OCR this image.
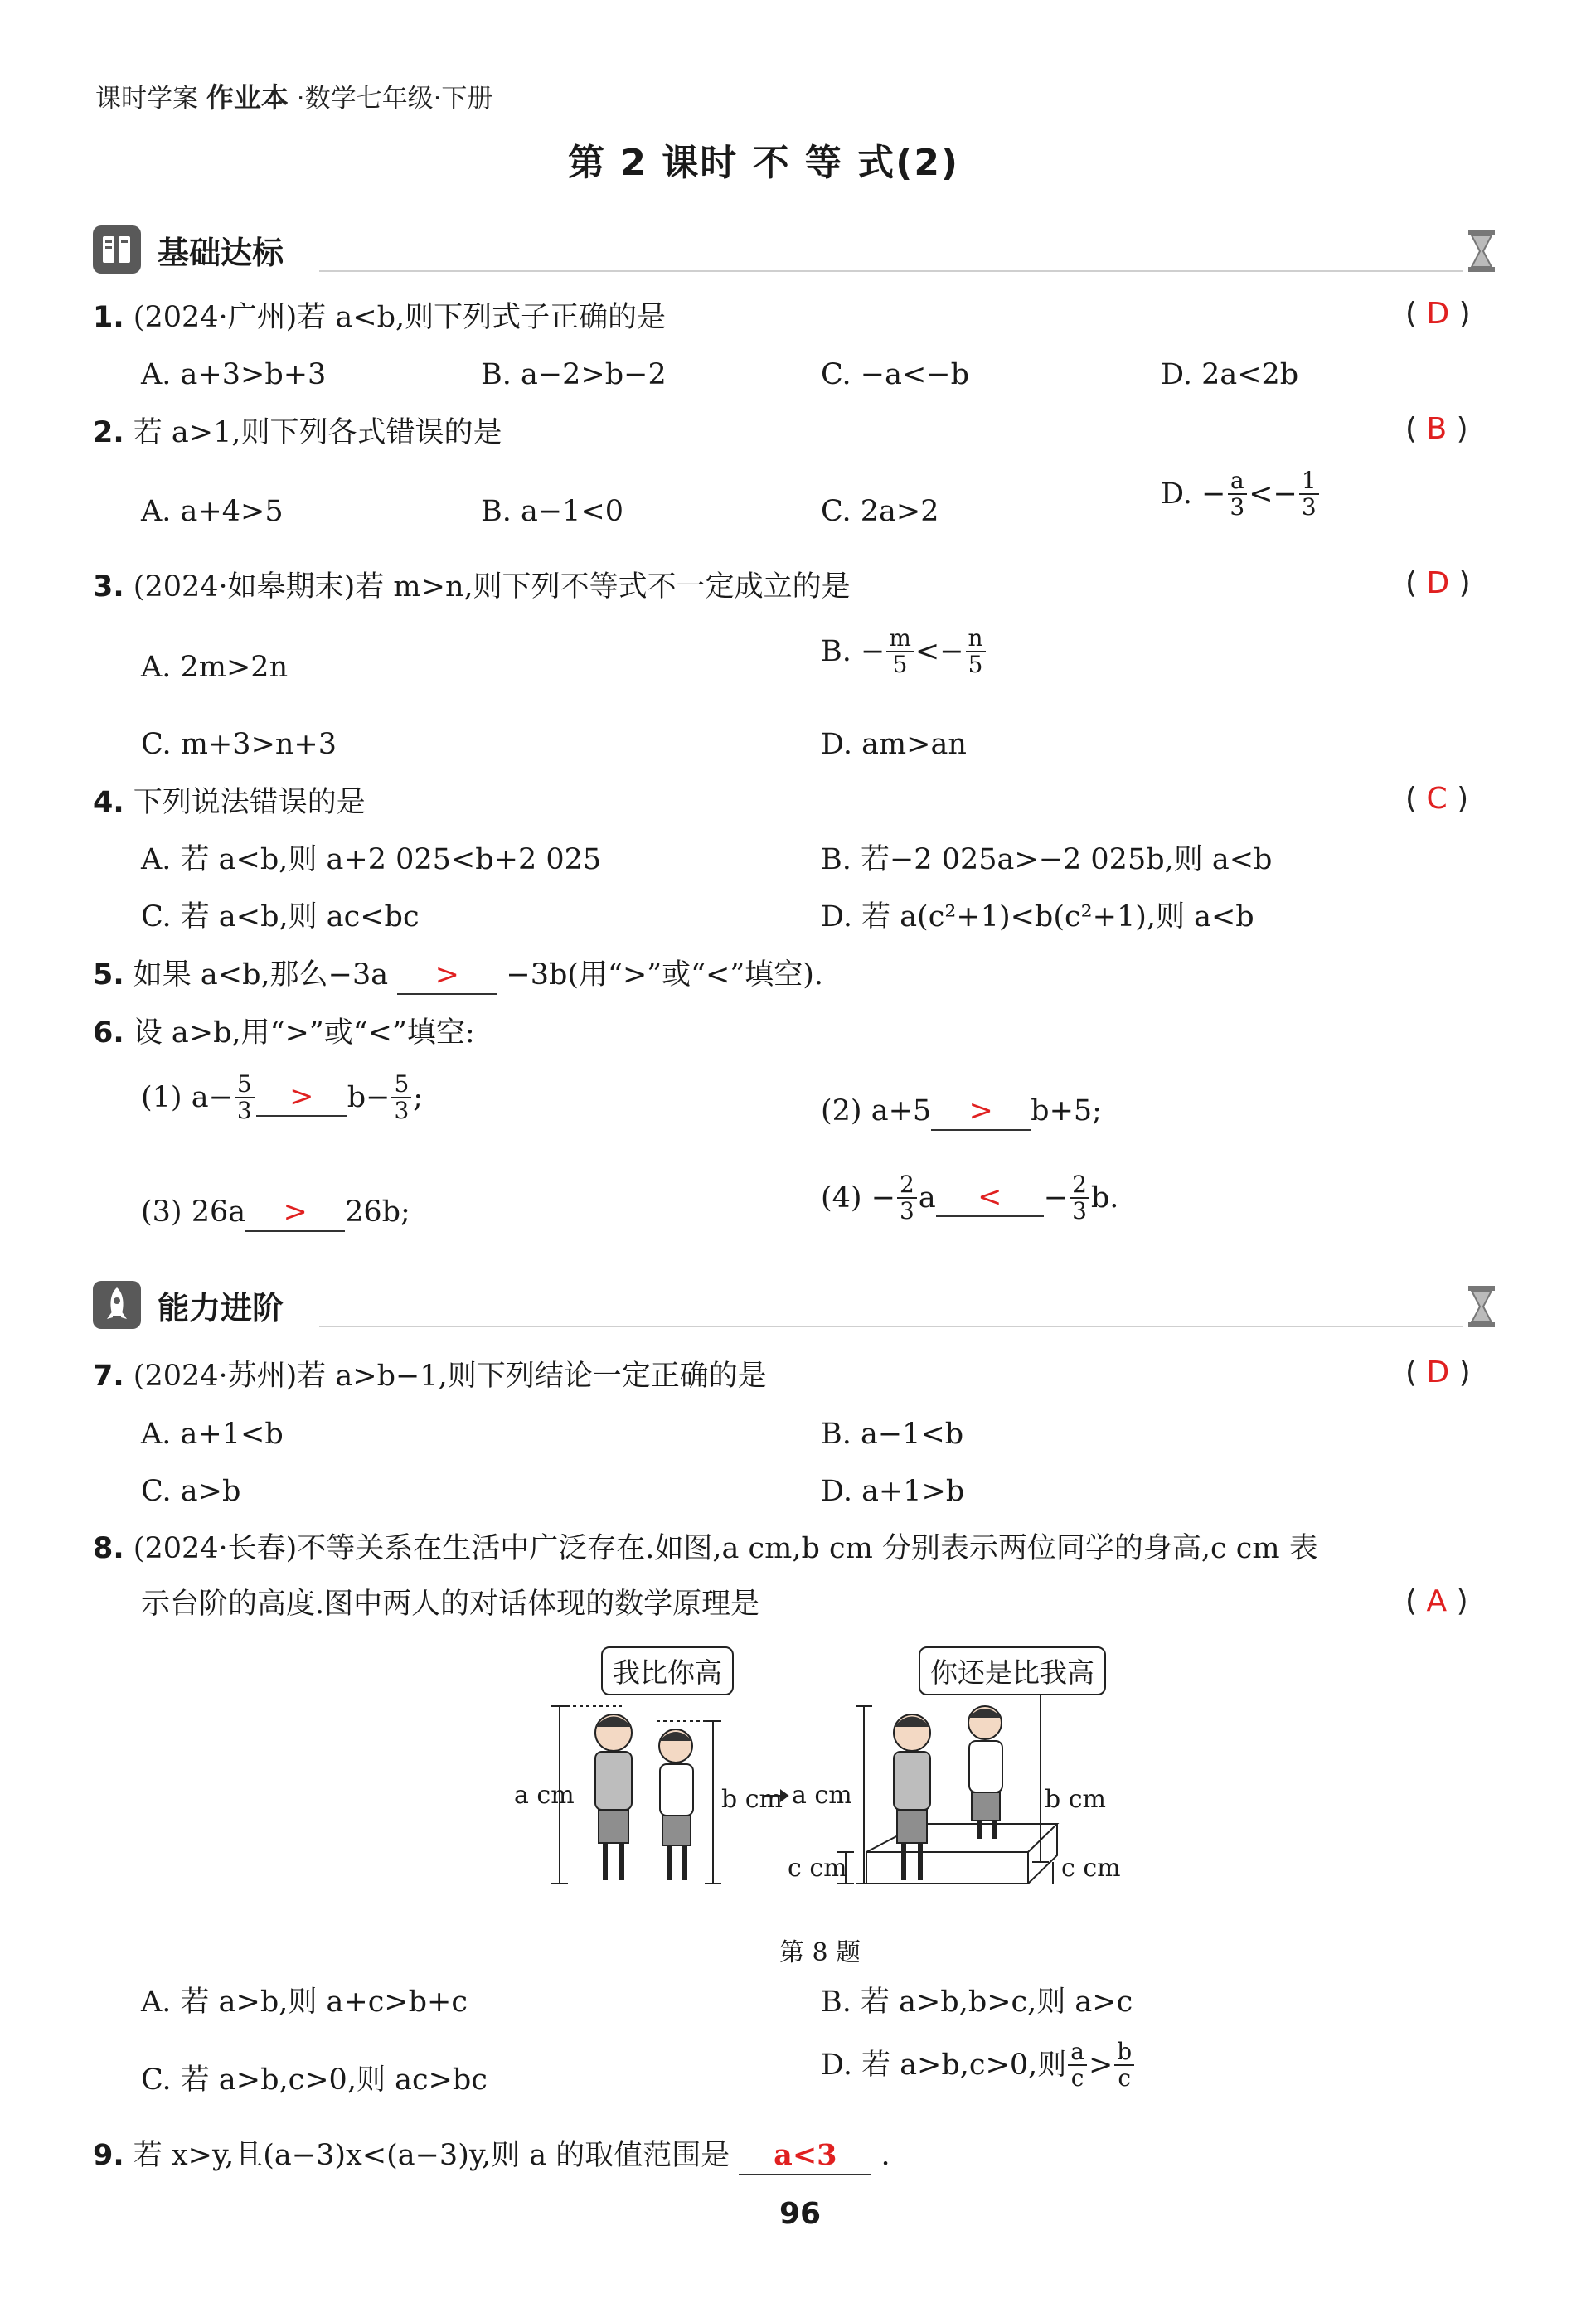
课时学案 作业本 ·数学七年级·下册
第 2 课时 不 等 式(2)
基础达标
1. (2024·广州)若 a<b,则下列式子正确的是	( D )
A. a+3>b+3	B. a−2>b−2	C. −a<−b	D. 2a<2b
2. 若 a>1,则下列各式错误的是	( B )
A. a+4>5	B. a−1<0	C. 2a>2
D. − $\frac{a}{3} <- \frac{1}{3}$
3. (2024·如皋期末)若 m>n,则下列不等式不一定成立的是	( D )
A. 2m>2n	B. − $\frac{m}{5} <- \frac{n}{5}$
C. m+3>n+3	D. am>an
4. 下列说法错误的是	( C )
A. 若 a<b,则 a+2 025<b+2 025	B. 若−2 025a>−2 025b,则 a<b
C. 若 a<b,则 ac<bc	D. 若 a(c²+1)<b(c²+1),则 a<b
5. 如果 a<b,那么−3a > −3b(用“>”或“<”填空).
6. 设 a>b,用“>”或“<”填空:
(1) $a- \frac{5}{3}$	>	$b- \frac{5}{3}$ ;	(2) a+5 > b+5;
(3) 26a > 26b;	$(4) - \frac{2}{3}$ a	<	− $\frac{2}{3} b$.
能力进阶
7. (2024·苏州)若 a>b−1,则下列结论一定正确的是	( D )
A. a+1<b	B. a−1<b
C. a>b	D. a+1>b
8. (2024·长春)不等关系在生活中广泛存在.如图,a cm,b cm 分别表示两位同学的身高,c cm 表
示台阶的高度.图中两人的对话体现的数学原理是	( A )
我比你高	你还是比我高
a cm	b cm a cm	b cm
c cm	c cm
第 8 题
A. 若 a>b,则 a+c>b+c	B. 若 a>b,b>c,则 a>c
C. 若 a>b,c>0,则 ac>bc	D. 若 a>b,c>0,则 $\frac{a}{c} > \frac{b}{c}$
9. 若 x>y,且(a−3)x<(a−3)y,则 a 的取值范围是 a<3 .
96
